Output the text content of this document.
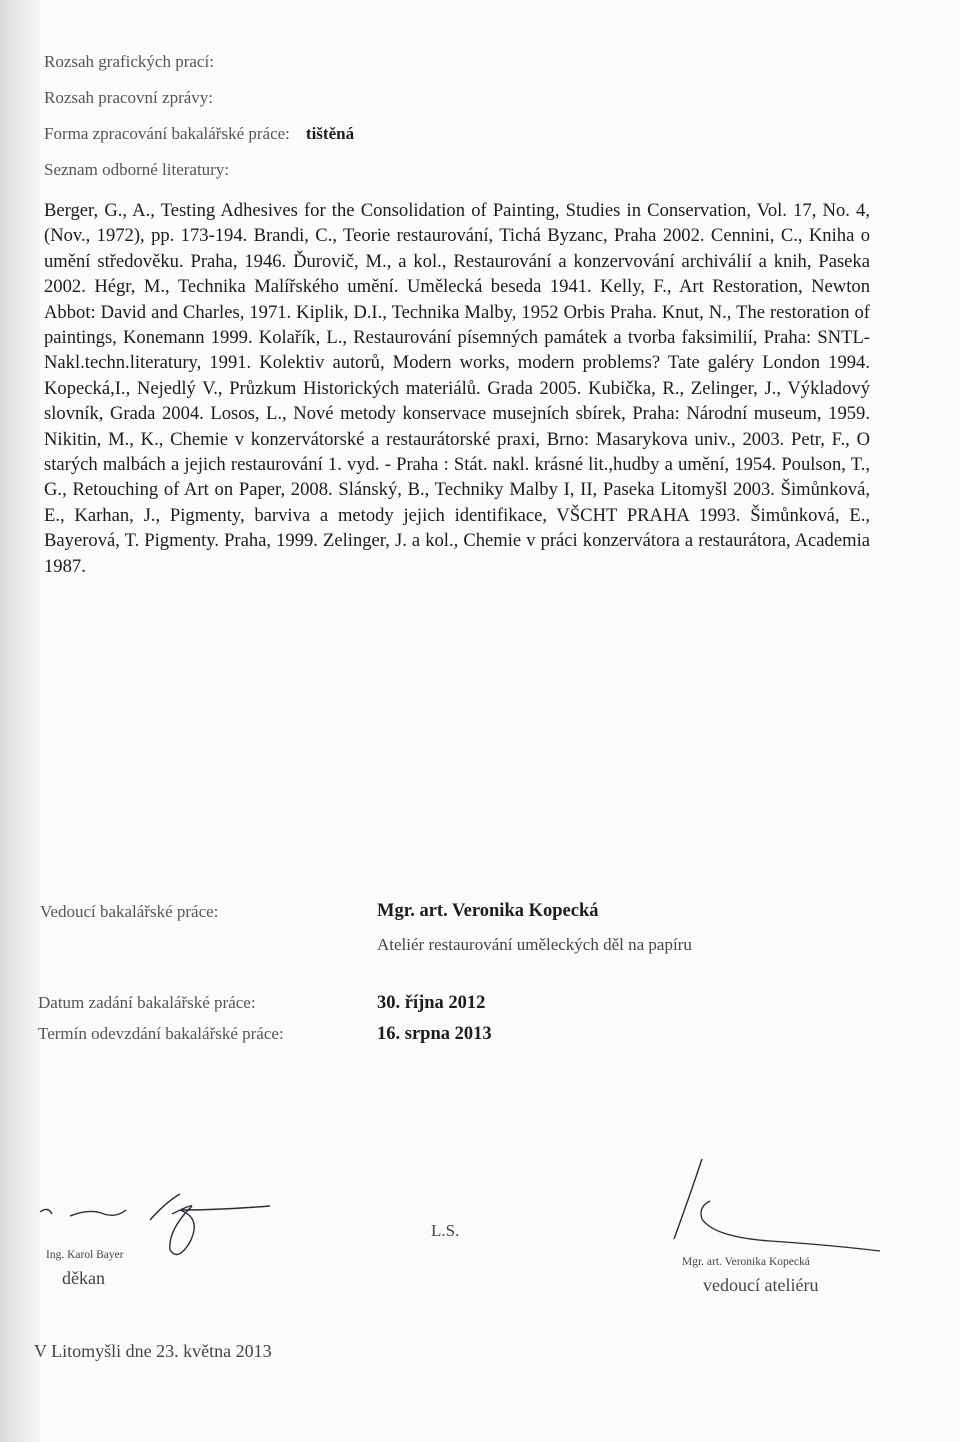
Rozsah grafických prací:
Rozsah pracovní zprávy:
Forma zpracování bakalářské práce: tištěná
Seznam odborné literatury:

Berger, G., A., Testing Adhesives for the Consolidation of Painting, Studies in Conservation, Vol. 17, No. 4, (Nov., 1972), pp. 173-194. Brandi, C., Teorie restaurování, Tichá Byzanc, Praha 2002. Cennini, C., Kniha o umění středověku. Praha, 1946. Ďurovič, M., a kol., Restaurování a konzervování archiválií a knih, Paseka 2002. Hégr, M., Technika Malířského umění. Umělecká beseda 1941. Kelly, F., Art Restoration, Newton Abbot: David and Charles, 1971. Kiplik, D.I., Technika Malby, 1952 Orbis Praha. Knut, N., The restoration of paintings, Konemann 1999. Kolařík, L., Restaurování písemných památek a tvorba faksimilií, Praha: SNTL-Nakl.techn.literatury, 1991. Kolektiv autorů, Modern works, modern problems? Tate galéry London 1994. Kopecká,I., Nejedlý V., Průzkum Historických materiálů. Grada 2005. Kubička, R., Zelinger, J., Výkladový slovník, Grada 2004. Losos, L., Nové metody konservace musejních sbírek, Praha: Národní museum, 1959. Nikitin, M., K., Chemie v konzervátorské a restaurátorské praxi, Brno: Masarykova univ., 2003. Petr, F., O starých malbách a jejich restaurování 1. vyd. - Praha : Stát. nakl. krásné lit.,hudby a umění, 1954. Poulson, T., G., Retouching of Art on Paper, 2008. Slánský, B., Techniky Malby I, II, Paseka Litomyšl 2003. Šimůnková, E., Karhan, J., Pigmenty, barviva a metody jejich identifikace, VŠCHT PRAHA 1993. Šimůnková, E., Bayerová, T. Pigmenty. Praha, 1999. Zelinger, J. a kol., Chemie v práci konzervátora a restaurátora, Academia 1987.

Vedoucí bakalářské práce:	Mgr. art. Veronika Kopecká
Ateliér restaurování uměleckých děl na papíru
Datum zadání bakalářské práce:	30. října 2012
Termín odevzdání bakalářské práce:	16. srpna 2013
Ing. Karol Bayer
děkan
L.S.
Mgr. art. Veronika Kopecká
vedoucí ateliéru
V Litomyšli dne 23. května 2013
